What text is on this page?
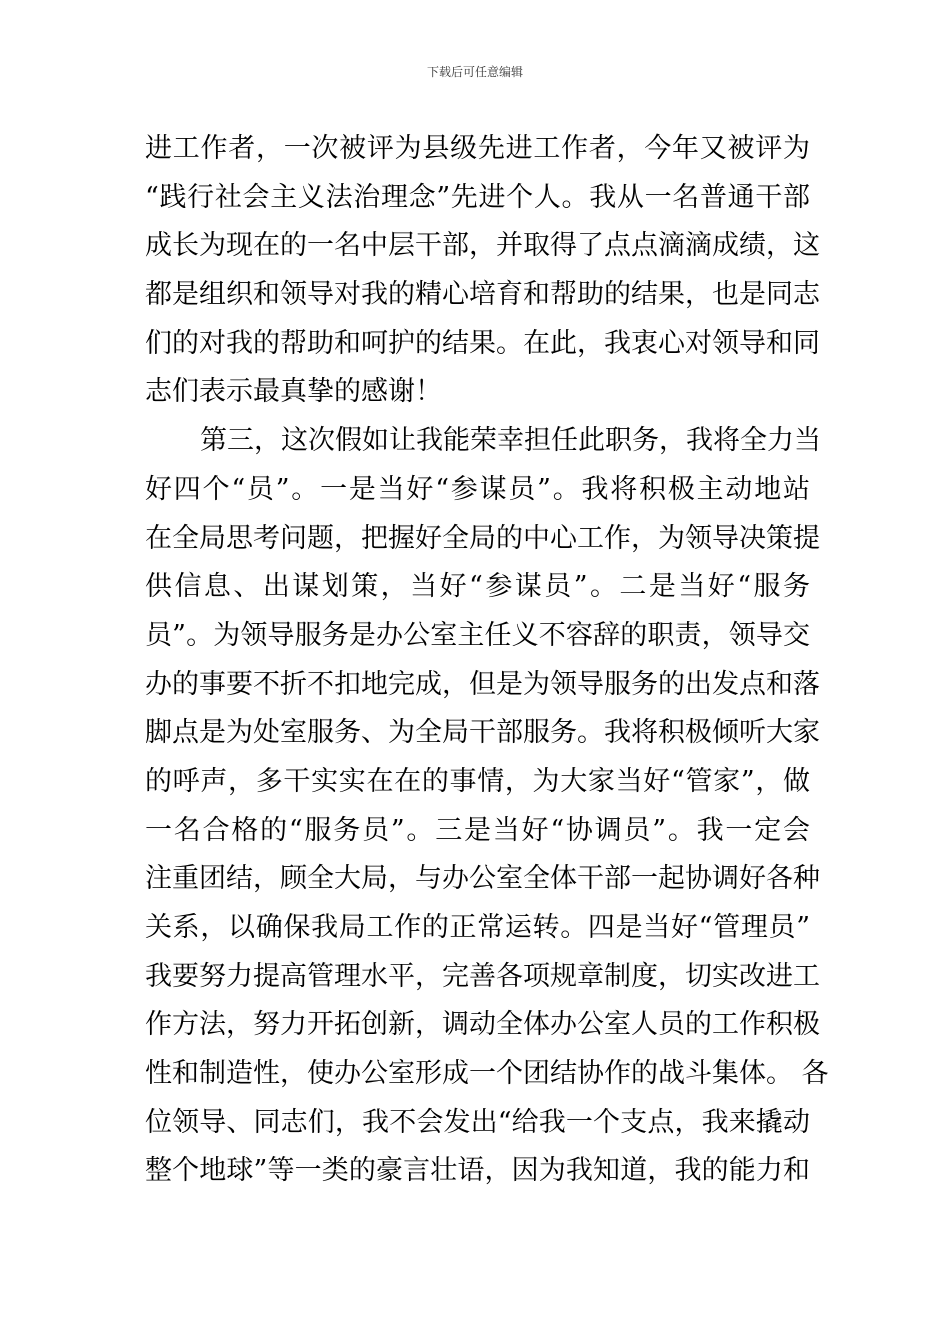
下载后可任意编辑
进工作者，一次被评为县级先进工作者，今年又被评为
“践行社会主义法治理念”先进个人。我从一名普通干部
成长为现在的一名中层干部，并取得了点点滴滴成绩，这
都是组织和领导对我的精心培育和帮助的结果，也是同志
们的对我的帮助和呵护的结果。在此，我衷心对领导和同
志们表示最真挚的感谢！
第三，这次假如让我能荣幸担任此职务，我将全力当
好四个“员”。一是当好“参谋员”。我将积极主动地站
在全局思考问题，把握好全局的中心工作，为领导决策提
供信息、出谋划策，当好“参谋员”。二是当好“服务
员”。为领导服务是办公室主任义不容辞的职责，领导交
办的事要不折不扣地完成，但是为领导服务的出发点和落
脚点是为处室服务、为全局干部服务。我将积极倾听大家
的呼声，多干实实在在的事情，为大家当好“管家”，做
一名合格的“服务员”。三是当好“协调员”。我一定会
注重团结，顾全大局，与办公室全体干部一起协调好各种
关系，以确保我局工作的正常运转。四是当好“管理员”
我要努力提高管理水平，完善各项规章制度，切实改进工
作方法，努力开拓创新，调动全体办公室人员的工作积极
性和制造性，使办公室形成一个团结协作的战斗集体。 各
位领导、同志们，我不会发出“给我一个支点，我来撬动
整个地球”等一类的豪言壮语，因为我知道，我的能力和
